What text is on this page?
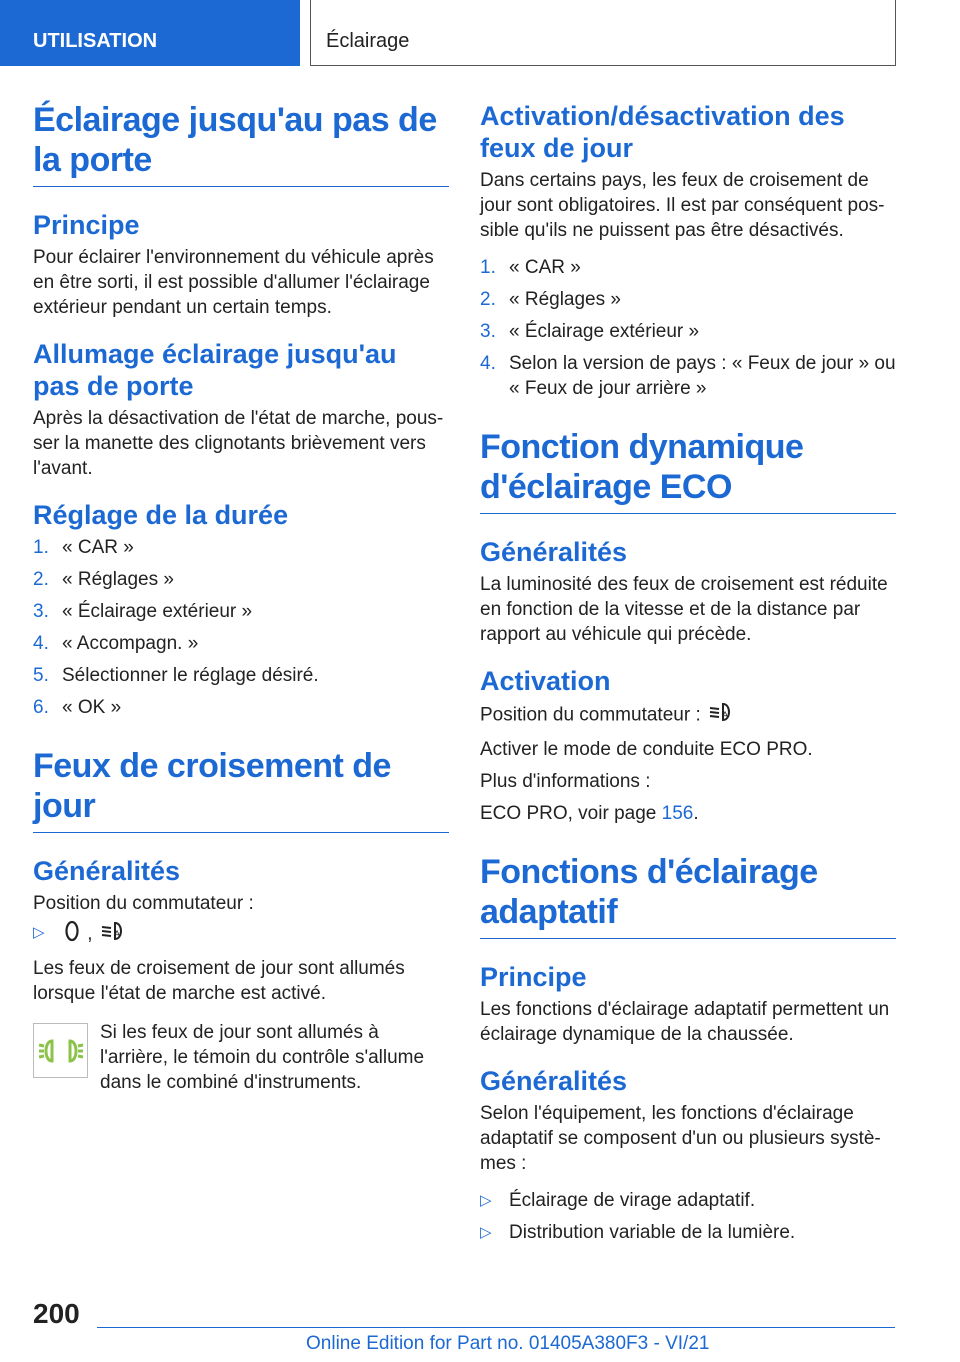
UTILISATION	Éclairage
Éclairage jusqu'au pas de la porte
Principe
Pour éclairer l'environnement du véhicule après en être sorti, il est possible d'allumer l'éclairage extérieur pendant un certain temps.
Allumage éclairage jusqu'au pas de porte
Après la désactivation de l'état de marche, pous-ser la manette des clignotants brièvement vers l'avant.
Réglage de la durée
1. « CAR »
2. « Réglages »
3. « Éclairage extérieur »
4. « Accompagn. »
5. Sélectionner le réglage désiré.
6. « OK »
Feux de croisement de jour
Généralités
Position du commutateur :
▷ , A
Les feux de croisement de jour sont allumés lorsque l'état de marche est activé.
Si les feux de jour sont allumés à l'arrière, le témoin du contrôle s'allume dans le combiné d'instruments.
Activation/désactivation des feux de jour
Dans certains pays, les feux de croisement de jour sont obligatoires. Il est par conséquent pos-sible qu'ils ne puissent pas être désactivés.
1. « CAR »
2. « Réglages »
3. « Éclairage extérieur »
4. Selon la version de pays : « Feux de jour » ou « Feux de jour arrière »
Fonction dynamique d'éclairage ECO
Généralités
La luminosité des feux de croisement est réduite en fonction de la vitesse et de la distance par rapport au véhicule qui précède.
Activation
Position du commutateur : A
Activer le mode de conduite ECO PRO.
Plus d'informations :
ECO PRO, voir page 156.
Fonctions d'éclairage adaptatif
Principe
Les fonctions d'éclairage adaptatif permettent un éclairage dynamique de la chaussée.
Généralités
Selon l'équipement, les fonctions d'éclairage adaptatif se composent d'un ou plusieurs systè-mes :
▷ Éclairage de virage adaptatif.
▷ Distribution variable de la lumière.
200
Online Edition for Part no. 01405A380F3 - VI/21
